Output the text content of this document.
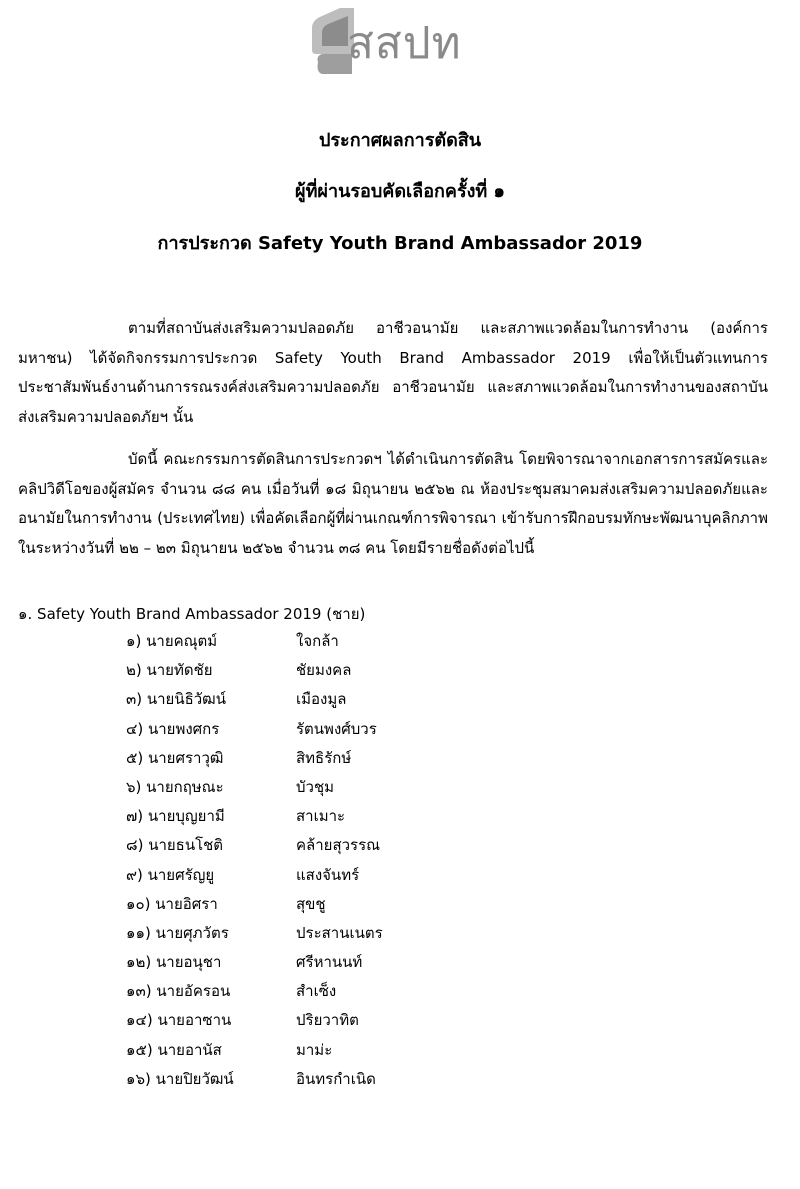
สสปท
ประกาศผลการตัดสิน
ผู้ที่ผ่านรอบคัดเลือกครั้งที่ ๑
การประกวด Safety Youth Brand Ambassador 2019

ตามที่สถาบันส่งเสริมความปลอดภัย อาชีวอนามัย และสภาพแวดล้อมในการทำงาน (องค์การมหาชน) ได้จัดกิจกรรมการประกวด Safety Youth Brand Ambassador 2019 เพื่อให้เป็นตัวแทนการประชาสัมพันธ์งานด้านการรณรงค์ส่งเสริมความปลอดภัย อาชีวอนามัย และสภาพแวดล้อมในการทำงานของสถาบันส่งเสริมความปลอดภัยฯ นั้น

บัดนี้ คณะกรรมการตัดสินการประกวดฯ ได้ดำเนินการตัดสิน โดยพิจารณาจากเอกสารการสมัครและคลิปวิดีโอของผู้สมัคร จำนวน ๘๘ คน เมื่อวันที่ ๑๘ มิถุนายน ๒๕๖๒ ณ ห้องประชุมสมาคมส่งเสริมความปลอดภัยและอนามัยในการทำงาน (ประเทศไทย) เพื่อคัดเลือกผู้ที่ผ่านเกณฑ์การพิจารณา เข้ารับการฝึกอบรมทักษะพัฒนาบุคลิกภาพ ในระหว่างวันที่ ๒๒ – ๒๓ มิถุนายน ๒๕๖๒ จำนวน ๓๘ คน โดยมีรายชื่อดังต่อไปนี้

๑. Safety Youth Brand Ambassador 2019 (ชาย)
๑) นายคณุตม์	ใจกล้า
๒) นายทัดชัย	ชัยมงคล
๓) นายนิธิวัฒน์	เมืองมูล
๔) นายพงศกร	รัตนพงศ์บวร
๕) นายศราวุฒิ	สิทธิรักษ์
๖) นายกฤษณะ	บัวชุม
๗) นายบุญยามี	สาเมาะ
๘) นายธนโชติ	คล้ายสุวรรณ
๙) นายศรัญยู	แสงจันทร์
๑๐) นายอิศรา	สุขชู
๑๑) นายศุภวัตร	ประสานเนตร
๑๒) นายอนุชา	ศรีหานนท์
๑๓) นายอัครอน	สำเซ็ง
๑๔) นายอาซาน	ปริยวาทิต
๑๕) นายอานัส	มาม่ะ
๑๖) นายปิยวัฒน์	อินทรกำเนิด
